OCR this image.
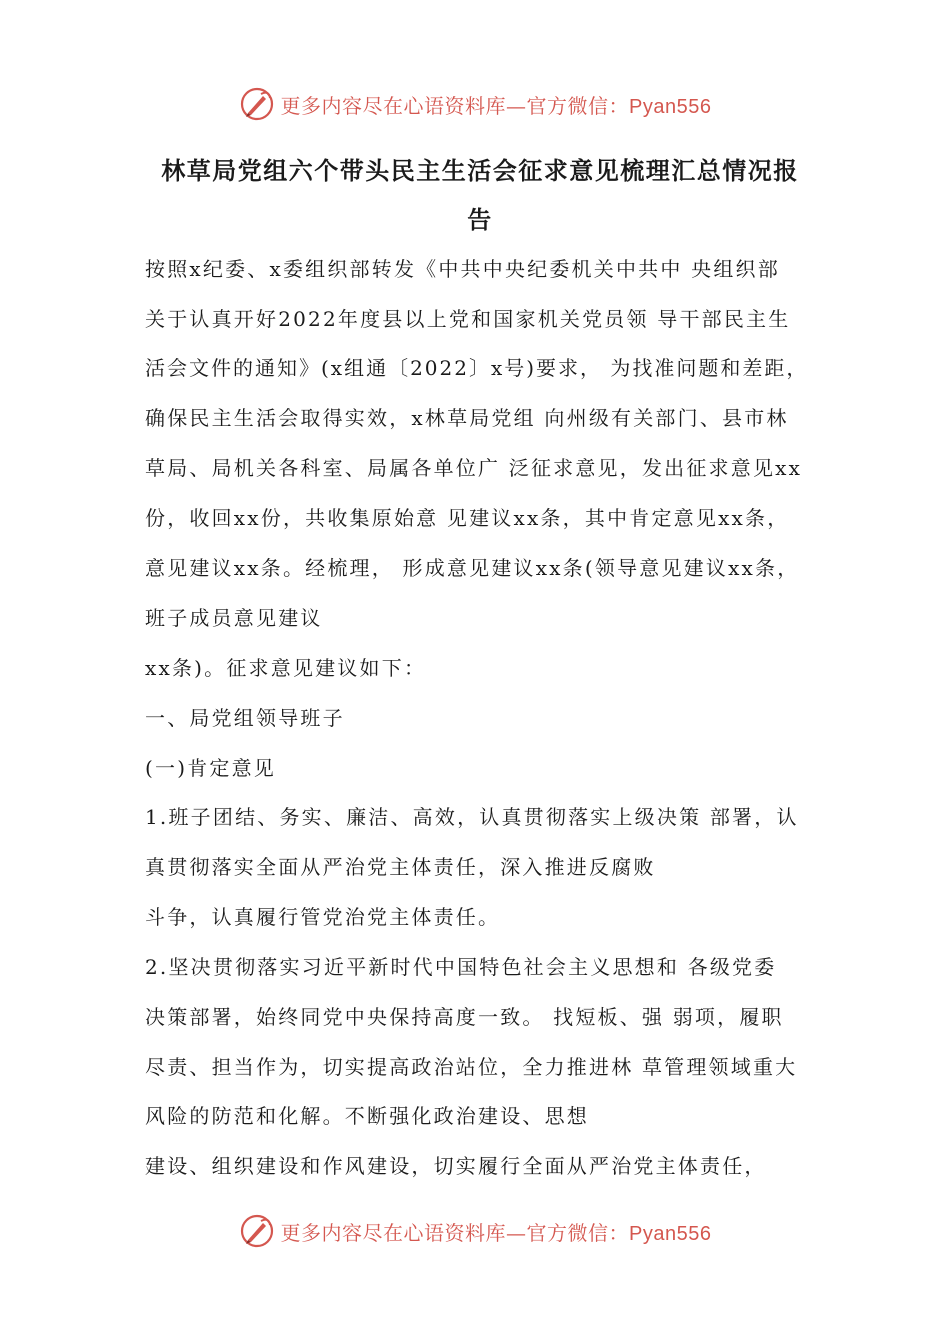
更多内容尽在心语资料库—官方微信：Pyan556
林草局党组六个带头民主生活会征求意见梳理汇总情况报
告
按照x纪委、x委组织部转发《中共中央纪委机关中共中 央组织部
关于认真开好2022年度县以上党和国家机关党员领 导干部民主生
活会文件的通知》(x组通〔2022〕x号)要求， 为找准问题和差距，
确保民主生活会取得实效，x林草局党组 向州级有关部门、县市林
草局、局机关各科室、局属各单位广 泛征求意见，发出征求意见xx
份，收回xx份，共收集原始意 见建议xx条，其中肯定意见xx条，
意见建议xx条。经梳理， 形成意见建议xx条(领导意见建议xx条，
班子成员意见建议
xx条)。征求意见建议如下：
一、局党组领导班子
(一)肯定意见
1.班子团结、务实、廉洁、高效，认真贯彻落实上级决策 部署，认
真贯彻落实全面从严治党主体责任，深入推进反腐败
斗争，认真履行管党治党主体责任。
2.坚决贯彻落实习近平新时代中国特色社会主义思想和 各级党委
决策部署，始终同党中央保持高度一致。 找短板、强 弱项，履职
尽责、担当作为，切实提高政治站位，全力推进林 草管理领域重大
风险的防范和化解。不断强化政治建设、思想
建设、组织建设和作风建设，切实履行全面从严治党主体责任，
更多内容尽在心语资料库—官方微信：Pyan556
